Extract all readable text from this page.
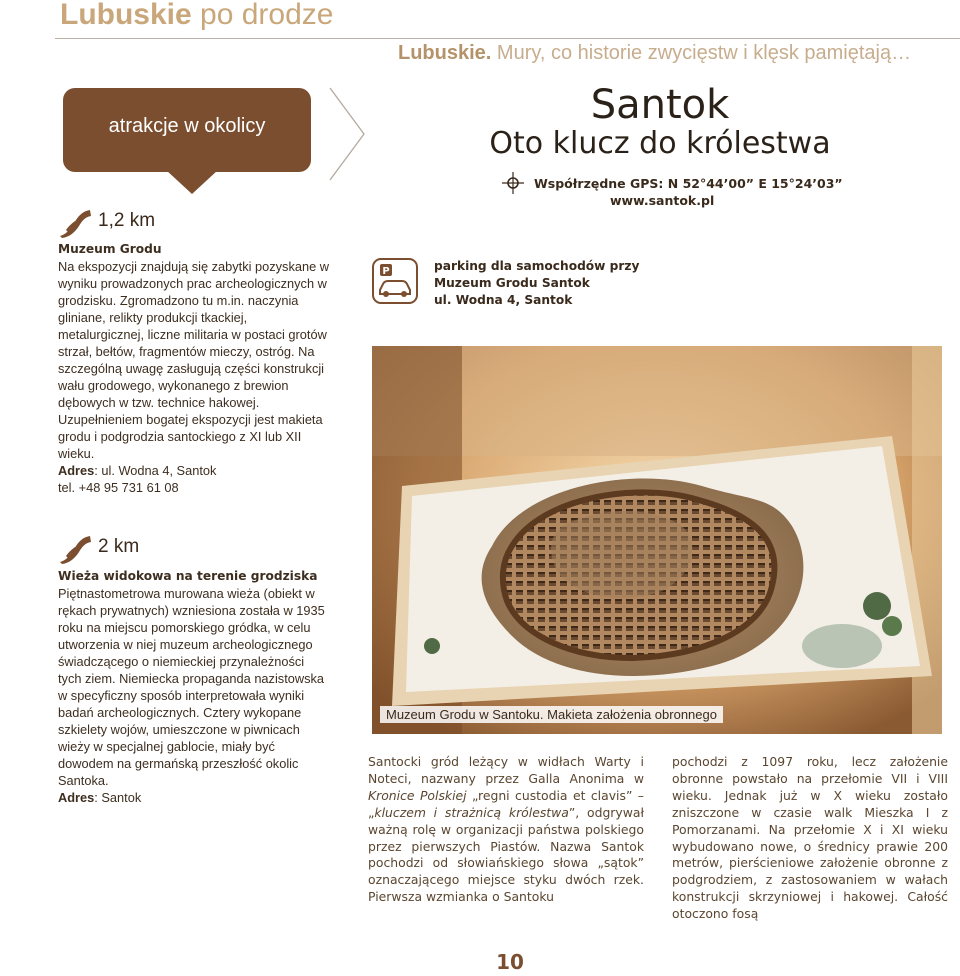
Lubuskie po drodze
Lubuskie. Mury, co historie zwycięstw i klęsk pamiętają…
atrakcje w okolicy	Santok
Oto klucz do królestwa
Współrzędne GPS: N 52°44’00” E 15°24’03”
www.santok.pl
1,2 km
Muzeum Grodu
Na ekspozycji znajdują się zabytki pozyskane w wyniku prowadzonych prac archeologicznych w grodzisku. Zgromadzono tu m.in. naczynia gliniane, relikty produkcji tkackiej, metalurgicznej, liczne militaria w postaci grotów strzał, bełtów, fragmentów mieczy, ostróg. Na szczególną uwagę zasługują części konstrukcji wału grodowego, wykonanego z brewion dębowych w tzw. technice hakowej. Uzupełnieniem bogatej ekspozycji jest makieta grodu i podgrodzia santockiego z XI lub XII wieku.
Adres: ul. Wodna 4, Santok
tel. +48 95 731 61 08
2 km
Wieża widokowa na terenie grodziska
Piętnastometrowa murowana wieża (obiekt w rękach prywatnych) wzniesiona została w 1935 roku na miejscu pomorskiego gródka, w celu utworzenia w niej muzeum archeologicznego świadczącego o niemieckiej przynależności tych ziem. Niemiecka propaganda nazistowska w specyficzny sposób interpretowała wyniki badań archeologicznych. Cztery wykopane szkielety wojów, umieszczone w piwnicach wieży w specjalnej gablocie, miały być dowodem na germańską przeszłość okolic Santoka.
Adres: Santok
P	parking dla samochodów przy
Muzeum Grodu Santok
ul. Wodna 4, Santok
Muzeum Grodu w Santoku. Makieta założenia obronnego
Santocki gród leżący w widłach Warty i Noteci, nazwany przez Galla Anonima w Kronice Polskiej „regni custodia et clavis” – „kluczem i strażnicą królestwa”, odgrywał ważną rolę w organizacji państwa polskiego przez pierwszych Piastów. Nazwa Santok pochodzi od słowiańskiego słowa „sątok” oznaczającego miejsce styku dwóch rzek. Pierwsza wzmianka o Santoku
pochodzi z 1097 roku, lecz założenie obronne powstało na przełomie VII i VIII wieku. Jednak już w X wieku zostało zniszczone w czasie walk Mieszka I z Pomorzanami. Na przełomie X i XI wieku wybudowano nowe, o średnicy prawie 200 metrów, pierścieniowe założenie obronne z podgrodziem, z zastosowaniem w wałach konstrukcji skrzyniowej i hakowej. Całość otoczono fosą
10
